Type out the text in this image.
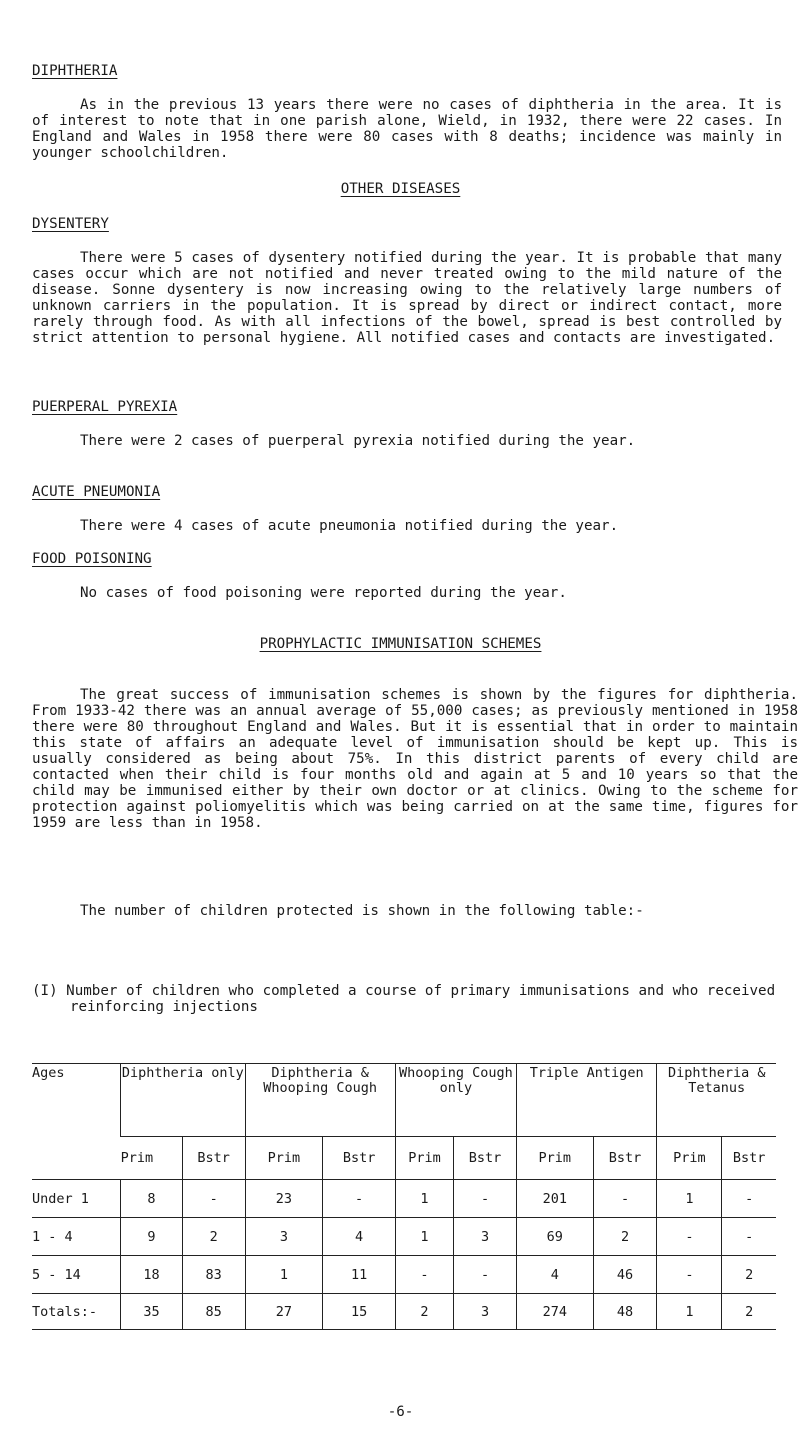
DIPHTHERIA

As in the previous 13 years there were no cases of diphtheria in the area. It is of interest to note that in one parish alone, Wield, in 1932, there were 22 cases. In England and Wales in 1958 there were 80 cases with 8 deaths; incidence was mainly in younger schoolchildren.

OTHER DISEASES
DYSENTERY

There were 5 cases of dysentery notified during the year. It is probable that many cases occur which are not notified and never treated owing to the mild nature of the disease. Sonne dysentery is now increasing owing to the relatively large numbers of unknown carriers in the population. It is spread by direct or indirect contact, more rarely through food. As with all infections of the bowel, spread is best controlled by strict attention to personal hygiene. All notified cases and contacts are investigated.

PUERPERAL PYREXIA

There were 2 cases of puerperal pyrexia notified during the year.

ACUTE PNEUMONIA

There were 4 cases of acute pneumonia notified during the year.

FOOD POISONING

No cases of food poisoning were reported during the year.

PROPHYLACTIC IMMUNISATION SCHEMES

The great success of immunisation schemes is shown by the figures for diphtheria. From 1933-42 there was an annual average of 55,000 cases; as previously mentioned in 1958 there were 80 throughout England and Wales. But it is essential that in order to maintain this state of affairs an adequate level of immunisation should be kept up. This is usually considered as being about 75%. In this district parents of every child are contacted when their child is four months old and again at 5 and 10 years so that the child may be immunised either by their own doctor or at clinics. Owing to the scheme for protection against poliomyelitis which was being carried on at the same time, figures for 1959 are less than in 1958.

The number of children protected is shown in the following table:-

(I) Number of children who completed a course of primary immunisations and who received reinforcing injections

Ages	Diphtheria only		Diphtheria & Whooping Cough		Whooping Cough only		Triple Antigen		Diphtheria & Tetanus	
	Prim	Bstr	Prim	Bstr	Prim	Bstr	Prim	Bstr	Prim	Bstr
Under 1	8	-	23	-	1	-	201	-	1	-
1 - 4	9	2	3	4	1	3	69	2	-	-
5 - 14	18	83	1	11	-	-	4	46	-	2
Totals:-	35	85	27	15	2	3	274	48	1	2
-6-
